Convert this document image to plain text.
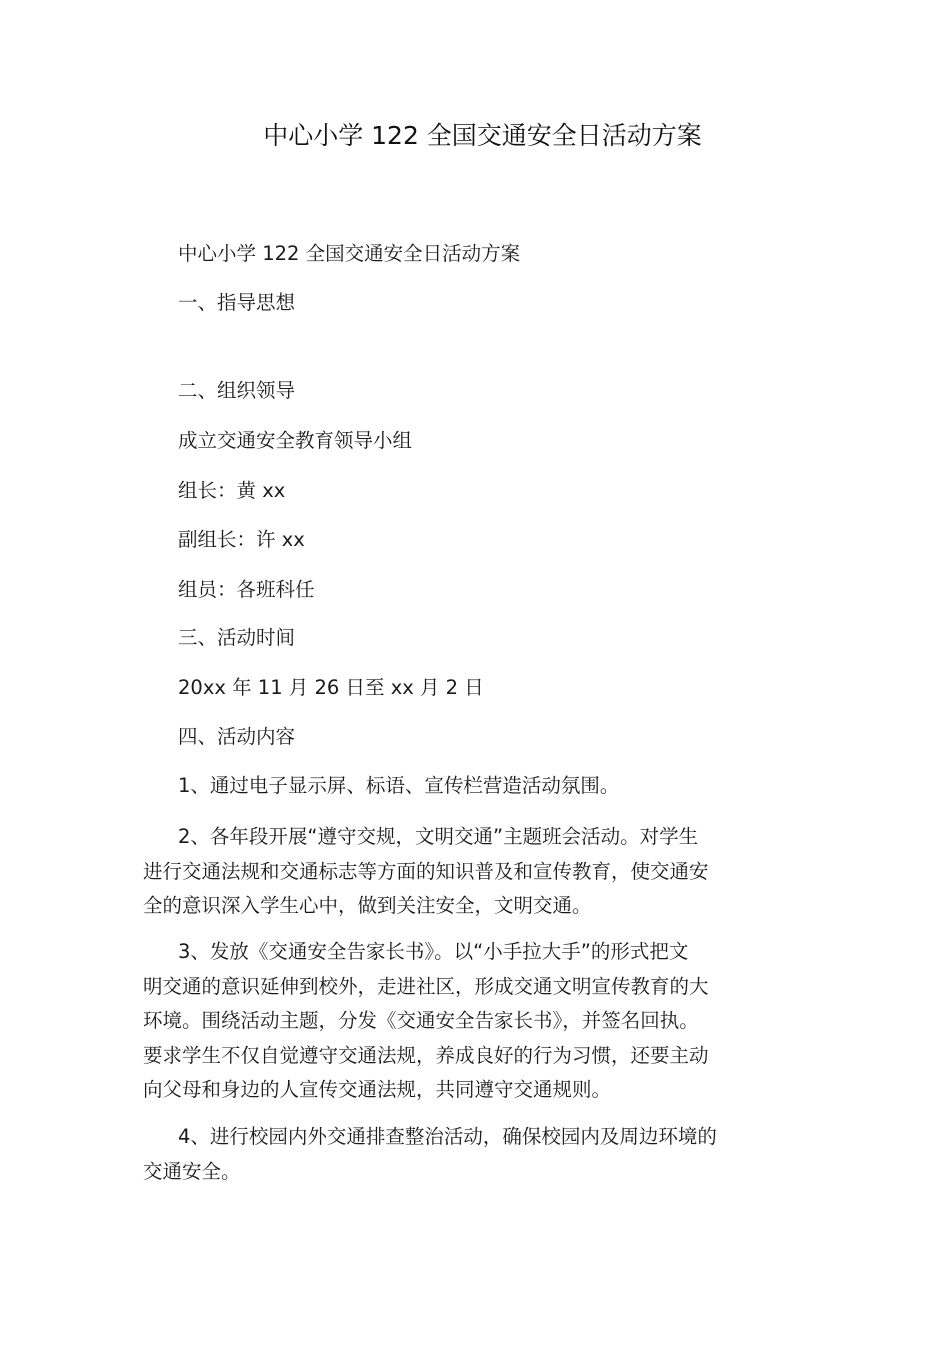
中心小学 122 全国交通安全日活动方案
中心小学 122 全国交通安全日活动方案
一、指导思想
二、组织领导
成立交通安全教育领导小组
组长：黄 xx
副组长：许 xx
组员：各班科任
三、活动时间
20xx 年 11 月 26 日至 xx 月 2 日
四、活动内容
1、通过电子显示屏、标语、宣传栏营造活动氛围。
2、各年段开展“遵守交规，文明交通”主题班会活动。对学生
进行交通法规和交通标志等方面的知识普及和宣传教育，使交通安
全的意识深入学生心中，做到关注安全，文明交通。
3、发放《交通安全告家长书》。以“小手拉大手”的形式把文
明交通的意识延伸到校外，走进社区，形成交通文明宣传教育的大
环境。围绕活动主题，分发《交通安全告家长书》，并签名回执。
要求学生不仅自觉遵守交通法规，养成良好的行为习惯，还要主动
向父母和身边的人宣传交通法规，共同遵守交通规则。
4、进行校园内外交通排查整治活动，确保校园内及周边环境的
交通安全。
